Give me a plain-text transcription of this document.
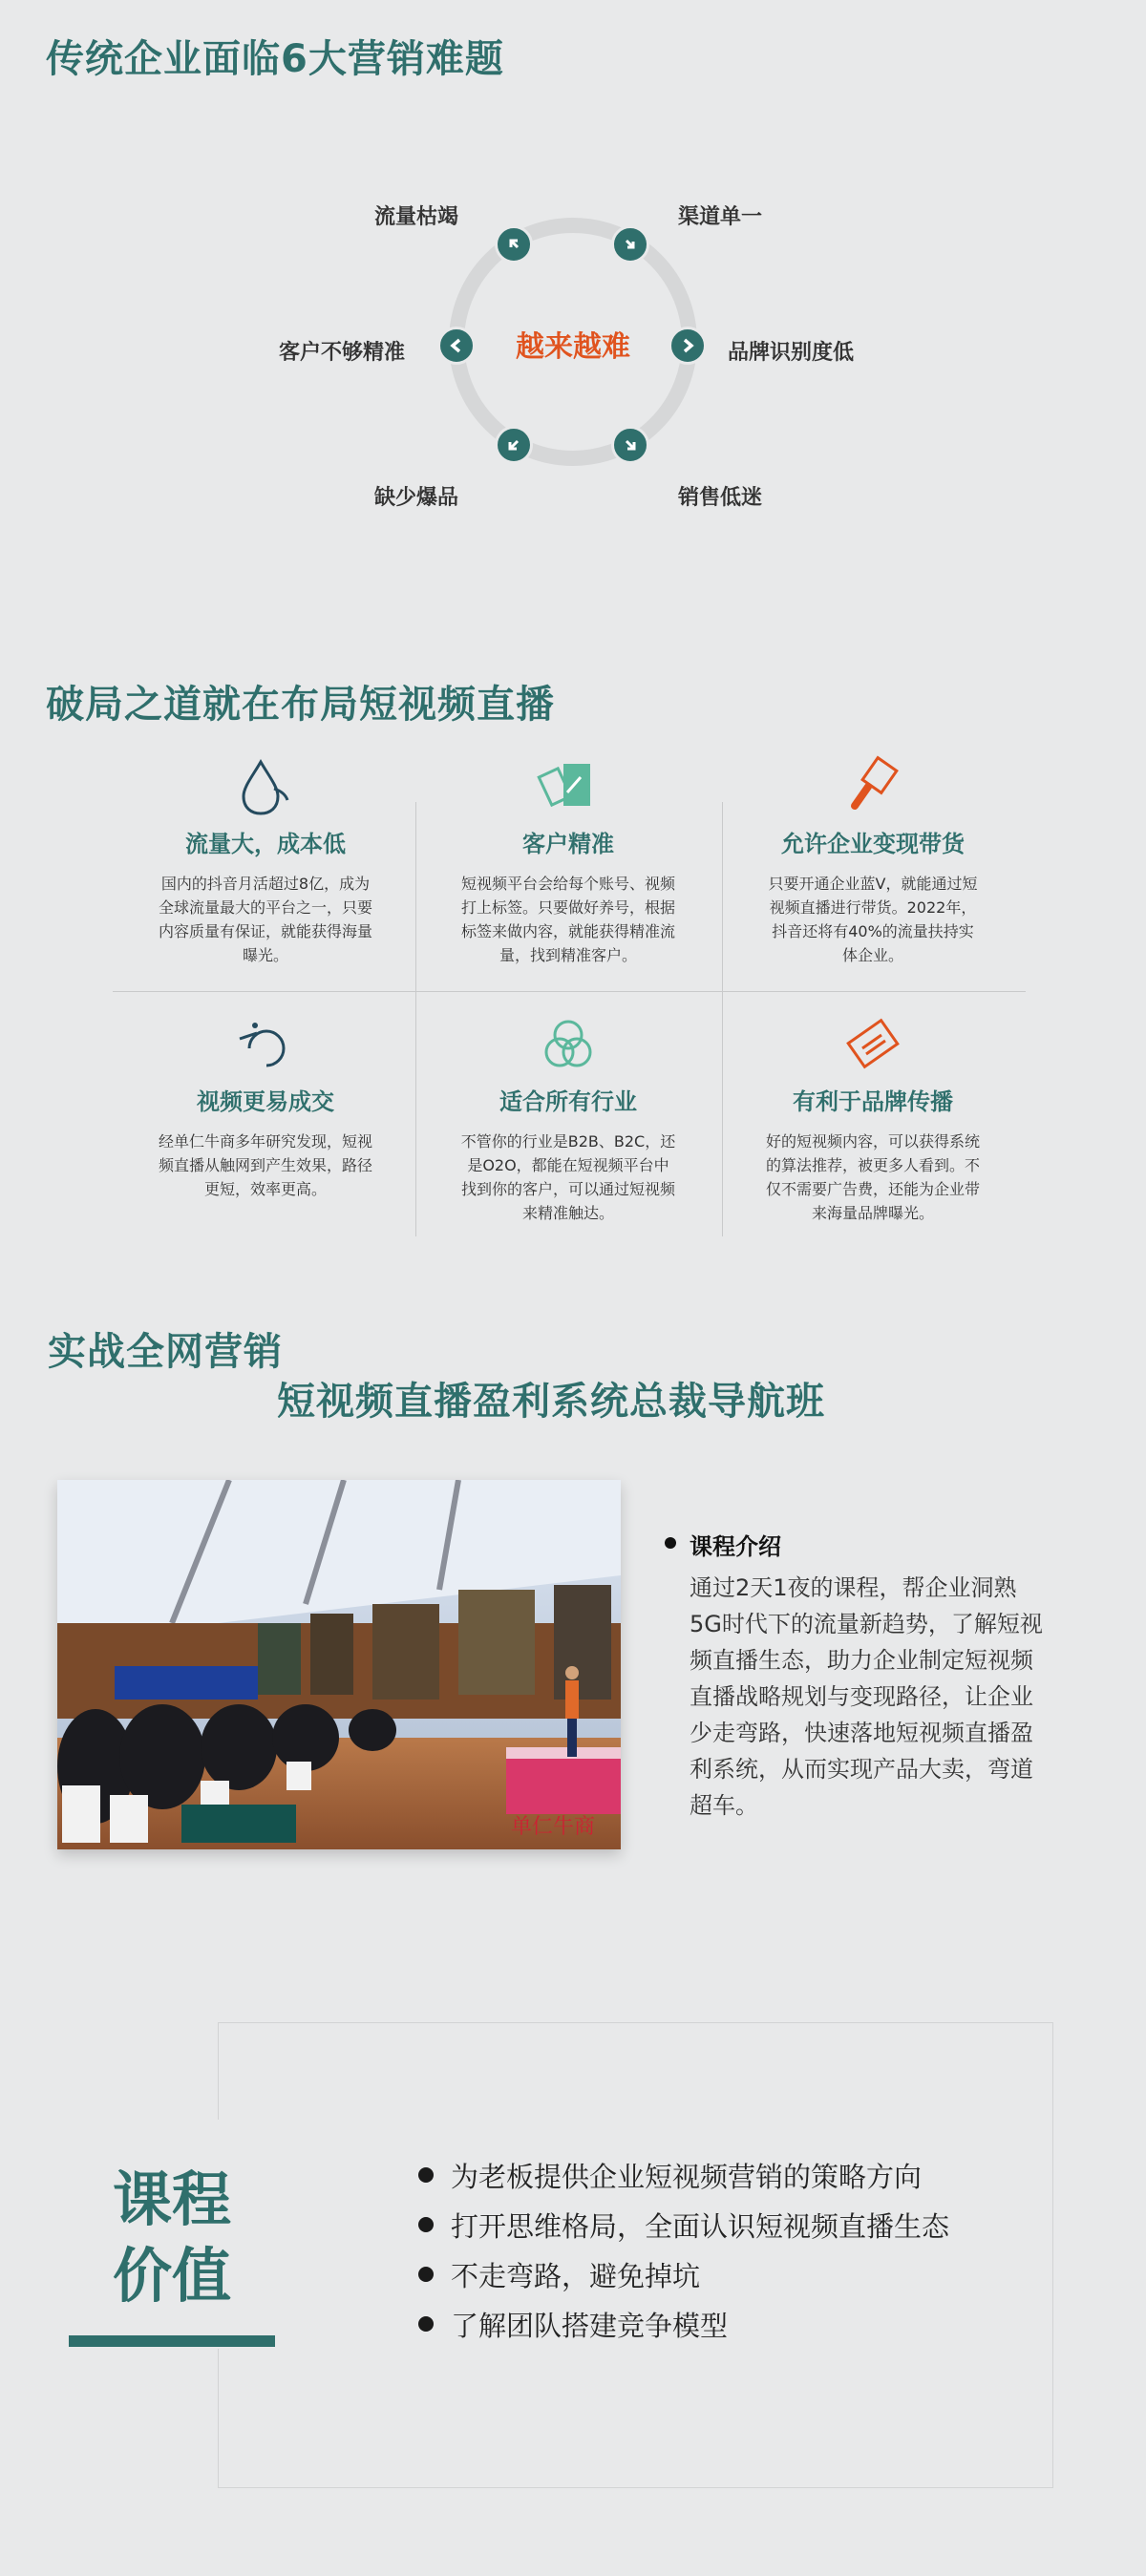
传统企业面临6大营销难题
越来越难
流量枯竭	渠道单一
客户不够精准	品牌识别度低
缺少爆品	销售低迷
破局之道就在布局短视频直播
流量大，成本低
国内的抖音月活超过8亿，成为
全球流量最大的平台之一，只要
内容质量有保证，就能获得海量
曝光。
客户精准
短视频平台会给每个账号、视频
打上标签。只要做好养号，根据
标签来做内容，就能获得精准流
量，找到精准客户。
允许企业变现带货
只要开通企业蓝V，就能通过短
视频直播进行带货。2022年，
抖音还将有40%的流量扶持实
体企业。
视频更易成交
经单仁牛商多年研究发现，短视
频直播从触网到产生效果，路径
更短，效率更高。
适合所有行业
不管你的行业是B2B、B2C，还
是O2O，都能在短视频平台中
找到你的客户，可以通过短视频
来精准触达。
有利于品牌传播
好的短视频内容，可以获得系统
的算法推荐，被更多人看到。不
仅不需要广告费，还能为企业带
来海量品牌曝光。
实战全网营销
短视频直播盈利系统总裁导航班
单仁牛商
课程介绍
通过2天1夜的课程，帮企业洞熟
5G时代下的流量新趋势，了解短视
频直播生态，助力企业制定短视频
直播战略规划与变现路径，让企业
少走弯路，快速落地短视频直播盈
利系统，从而实现产品大卖，弯道
超车。
课程
价值
为老板提供企业短视频营销的策略方向
打开思维格局，全面认识短视频直播生态
不走弯路，避免掉坑
了解团队搭建竞争模型
